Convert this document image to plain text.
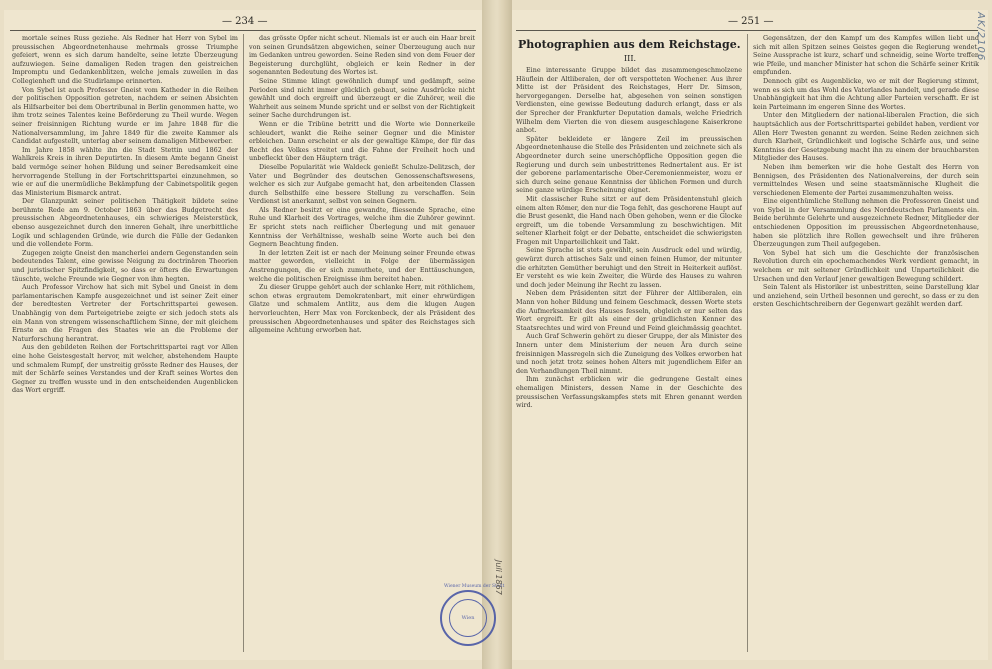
— 234 —

mortale seines Russ geziehe. Als Redner hat Herr von Sybel im preussischen Abgeordnetenhause mehrmals grosse Triumphe gefeiert, wenn es sich darum handelte, seine letzte Überzeugung aufzuwiegen. Seine damaligen Reden tragen den geistreichen Impromptu und Gedankenblitzen, welche jemals zuweilen in das Collegienheft und die Studirlampe erinnerten.

Von Sybel ist auch Professor Gneist vom Katheder in die Reihen der politischen Opposition getreten, nachdem er seinen Absichten als Hilfsarbeiter bei dem Obertribunal in Berlin genommen hatte, wo ihm trotz seines Talentes keine Beförderung zu Theil wurde. Wegen seiner freisinnigen Richtung wurde er im Jahre 1848 für die Nationalversammlung, im Jahre 1849 für die zweite Kammer als Candidat aufgestellt, unterlag aber seinem damaligen Mitbewerber.

Im Jahre 1858 wählte ihn die Stadt Stettin und 1862 der Wahlkreis Kreis in ihren Deputirten. In diesem Amte begann Gneist bald vermöge seiner hohen Bildung und seiner Beredsamkeit eine hervorragende Stellung in der Fortschrittspartei einzunehmen, so wie er auf die unermüdliche Bekämpfung der Cabinetspolitik gegen das Ministerium Bismarck antrat.

Der Glanzpunkt seiner politischen Thätigkeit bildete seine berühmte Rede am 9. October 1863 über das Budgetrecht des preussischen Abgeordnetenhauses, ein schwieriges Meisterstück, ebenso ausgezeichnet durch den inneren Gehalt, ihre unerbittliche Logik und schlagenden Gründe, wie durch die Fülle der Gedanken und die vollendete Form.

Zugegen zeigte Gneist den mancherlei andern Gegenstanden sein bedeutendes Talent, eine gewisse Neigung zu doctrinären Theorien und juristischer Spitzfindigkeit, so dass er öfters die Erwartungen täuschte, welche Freunde wie Gegner von ihm hegten.

Auch Professor Virchow hat sich mit Sybel und Gneist in dem parlamentarischen Kampfe ausgezeichnet und ist seiner Zeit einer der beredtesten Vertreter der Fortschrittspartei gewesen. Unabhängig von dem Parteigetriebe zeigte er sich jedoch stets als ein Mann von strengem wissenschaftlichem Sinne, der mit gleichem Ernste an die Fragen des Staates wie an die Probleme der Naturforschung herantrat.

Aus den gebildeten Reihen der Fortschrittspartei ragt vor Allen eine hohe Geistesgestalt hervor, mit welcher, abstehendem Haupte und schmalem Rumpf, der unstreitig grösste Redner des Hauses, der mit der Schärfe seines Verstandes und der Kraft seines Wortes den Gegner zu treffen wusste und in den entscheidenden Augenblicken das Wort ergriff.

das grösste Opfer nicht scheut. Niemals ist er auch ein Haar breit von seinen Grundsätzen abgewichen, seiner Überzeugung auch nur im Gedanken untreu geworden. Seine Reden sind von dem Feuer der Begeisterung durchglüht, obgleich er kein Redner in der sogenannten Bedeutung des Wortes ist.

Seine Stimme klingt gewöhnlich dumpf und gedämpft, seine Perioden sind nicht immer glücklich gebaut, seine Ausdrücke nicht gewählt und doch ergreift und überzeugt er die Zuhörer, weil die Wahrheit aus seinem Munde spricht und er selbst von der Richtigkeit seiner Sache durchdrungen ist.

Wenn er die Tribüne betritt und die Worte wie Donnerkeile schleudert, wankt die Reihe seiner Gegner und die Minister erbleichen. Dann erscheint er als der gewaltige Kämpe, der für das Recht des Volkes streitet und die Fahne der Freiheit hoch und unbefleckt über den Häuptern trägt.

Dieselbe Popularität wie Waldeck genießt Schulze-Delitzsch, der Vater und Begründer des deutschen Genossenschaftswesens, welcher es sich zur Aufgabe gemacht hat, den arbeitenden Classen durch Selbsthilfe eine bessere Stellung zu verschaffen. Sein Verdienst ist anerkannt, selbst von seinen Gegnern.

Als Redner besitzt er eine gewandte, fliessende Sprache, eine Ruhe und Klarheit des Vortrages, welche ihm die Zuhörer gewinnt. Er spricht stets nach reiflicher Überlegung und mit genauer Kenntniss der Verhältnisse, weshalb seine Worte auch bei den Gegnern Beachtung finden.

In der letzten Zeit ist er nach der Meinung seiner Freunde etwas matter geworden, vielleicht in Folge der übermässigen Anstrengungen, die er sich zumuthete, und der Enttäuschungen, welche die politischen Ereignisse ihm bereitet haben.

Zu dieser Gruppe gehört auch der schlanke Herr, mit röthlichem, schon etwas ergrautem Demokratenbart, mit einer ehrwürdigen Glatze und schmalem Antlitz, aus dem die klugen Augen hervorleuchten, Herr Max von Forckenbeck, der als Präsident des preussischen Abgeordnetenhauses und später des Reichstages sich allgemeine Achtung erworben hat.

— 251 —
Photographien aus dem Reichstage.
III.

Eine interessante Gruppe bildet das zusammengeschmolzene Häuflein der Altliberalen, der oft verspotteten Wochener. Aus ihrer Mitte ist der Präsident des Reichstages, Herr Dr. Simson, hervorgegangen. Derselbe hat, abgesehen von seinen sonstigen Verdiensten, eine gewisse Bedeutung dadurch erlangt, dass er als der Sprecher der Frankfurter Deputation damals, welche Friedrich Wilhelm dem Vierten die von diesem ausgeschlagene Kaiserkrone anbot.

Später bekleidete er längere Zeil im preussischen Abgeordnetenhause die Stelle des Präsidenten und zeichnete sich als Abgeordneter durch seine unerschöpfliche Opposition gegen die Regierung und durch sein unbestrittenes Rednertalent aus. Er ist der geborene parlamentarische Ober-Ceremonienmeister, wozu er sich durch seine genaue Kenntniss der üblichen Formen und durch seine ganze würdige Erscheinung eignet.

Mit classischer Ruhe sitzt er auf dem Präsidentenstuhl gleich einem alten Römer, den nur die Toga fehlt, das geschorene Haupt auf die Brust gesenkt, die Hand nach Oben gehoben, wenn er die Glocke ergreift, um die tobende Versammlung zu beschwichtigen. Mit seltener Klarheit folgt er der Debatte, entscheidet die schwierigsten Fragen mit Unparteilichkeit und Takt.

Seine Sprache ist stets gewählt, sein Ausdruck edel und würdig, gewürzt durch attisches Salz und einen feinen Humor, der mitunter die erhitzten Gemüther beruhigt und den Streit in Heiterkeit auflöst. Er versteht es wie kein Zweiter, die Würde des Hauses zu wahren und doch jeder Meinung ihr Recht zu lassen.

Neben dem Präsidenten sitzt der Führer der Altliberalen, ein Mann von hoher Bildung und feinem Geschmack, dessen Worte stets die Aufmerksamkeit des Hauses fesseln, obgleich er nur selten das Wort ergreift. Er gilt als einer der gründlichsten Kenner des Staatsrechtes und wird von Freund und Feind gleichmässig geachtet.

Auch Graf Schwerin gehört zu dieser Gruppe, der als Minister des Innern unter dem Ministerium der neuen Ära durch seine freisinnigen Massregeln sich die Zuneigung des Volkes erworben hat und noch jetzt trotz seines hohen Alters mit jugendlichem Eifer an den Verhandlungen Theil nimmt.

Ihm zunächst erblicken wir die gedrungene Gestalt eines ehemaligen Ministers, dessen Name in der Geschichte des preussischen Verfassungskampfes stets mit Ehren genannt werden wird.

Gegensätzen, der den Kampf um des Kampfes willen liebt und sich mit allen Spitzen seines Geistes gegen die Regierung wendet. Seine Aussprache ist kurz, scharf und schneidig, seine Worte treffen wie Pfeile, und mancher Minister hat schon die Schärfe seiner Kritik empfunden.

Dennoch gibt es Augenblicke, wo er mit der Regierung stimmt, wenn es sich um das Wohl des Vaterlandes handelt, und gerade diese Unabhängigkeit hat ihm die Achtung aller Parteien verschafft. Er ist kein Parteimann im engeren Sinne des Wortes.

Unter den Mitgliedern der national-liberalen Fraction, die sich hauptsächlich aus der Fortschrittspartei gebildet haben, verdient vor Allen Herr Twesten genannt zu werden. Seine Reden zeichnen sich durch Klarheit, Gründlichkeit und logische Schärfe aus, und seine Kenntniss der Gesetzgebung macht ihn zu einem der brauchbarsten Mitglieder des Hauses.

Neben ihm bemerken wir die hohe Gestalt des Herrn von Bennigsen, des Präsidenten des Nationalvereins, der durch sein vermittelndes Wesen und seine staatsmännische Klugheit die verschiedenen Elemente der Partei zusammenzuhalten weiss.

Eine eigenthümliche Stellung nehmen die Professoren Gneist und von Sybel in der Versammlung des Norddeutschen Parlaments ein. Beide berühmte Gelehrte und ausgezeichnete Redner, Mitglieder der entschiedenen Opposition im preussischen Abgeordnetenhause, haben sie plötzlich ihre Rollen gewechselt und ihre früheren Überzeugungen zum Theil aufgegeben.

Von Sybel hat sich um die Geschichte der französischen Revolution durch ein epochemachendes Werk verdient gemacht, in welchem er mit seltener Gründlichkeit und Unparteilichkeit die Ursachen und den Verlauf jener gewaltigen Bewegung schildert.

Sein Talent als Historiker ist unbestritten, seine Darstellung klar und anziehend, sein Urtheil besonnen und gerecht, so dass er zu den ersten Geschichtschreibern der Gegenwart gezählt werden darf.

Wien
Wiener Museum der Stadt
AK/2106
Juli 1867
